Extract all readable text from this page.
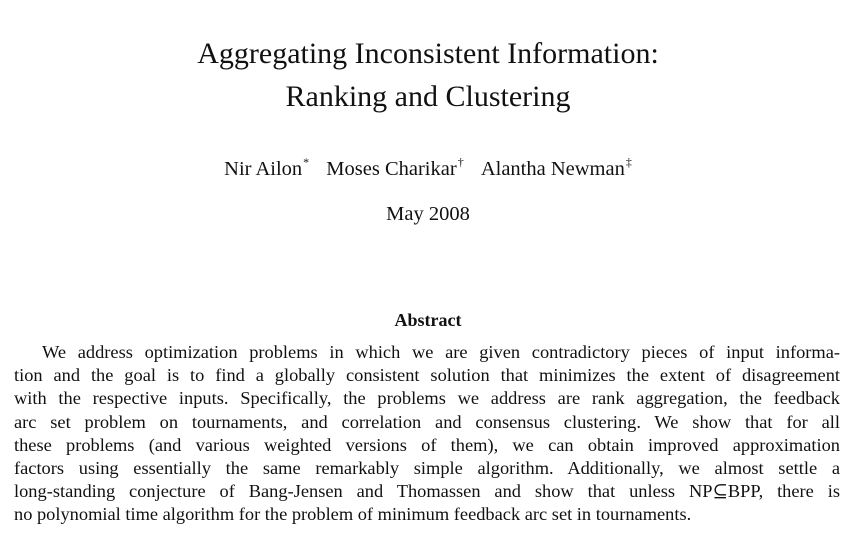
Aggregating Inconsistent Information:
Ranking and Clustering
Nir Ailon* Moses Charikar† Alantha Newman‡
May 2008
Abstract
We address optimization problems in which we are given contradictory pieces of input informa-
tion and the goal is to find a globally consistent solution that minimizes the extent of disagreement
with the respective inputs. Specifically, the problems we address are rank aggregation, the feedback
arc set problem on tournaments, and correlation and consensus clustering. We show that for all
these problems (and various weighted versions of them), we can obtain improved approximation
factors using essentially the same remarkably simple algorithm. Additionally, we almost settle a
long-standing conjecture of Bang-Jensen and Thomassen and show that unless NP⊆BPP, there is
no polynomial time algorithm for the problem of minimum feedback arc set in tournaments.
